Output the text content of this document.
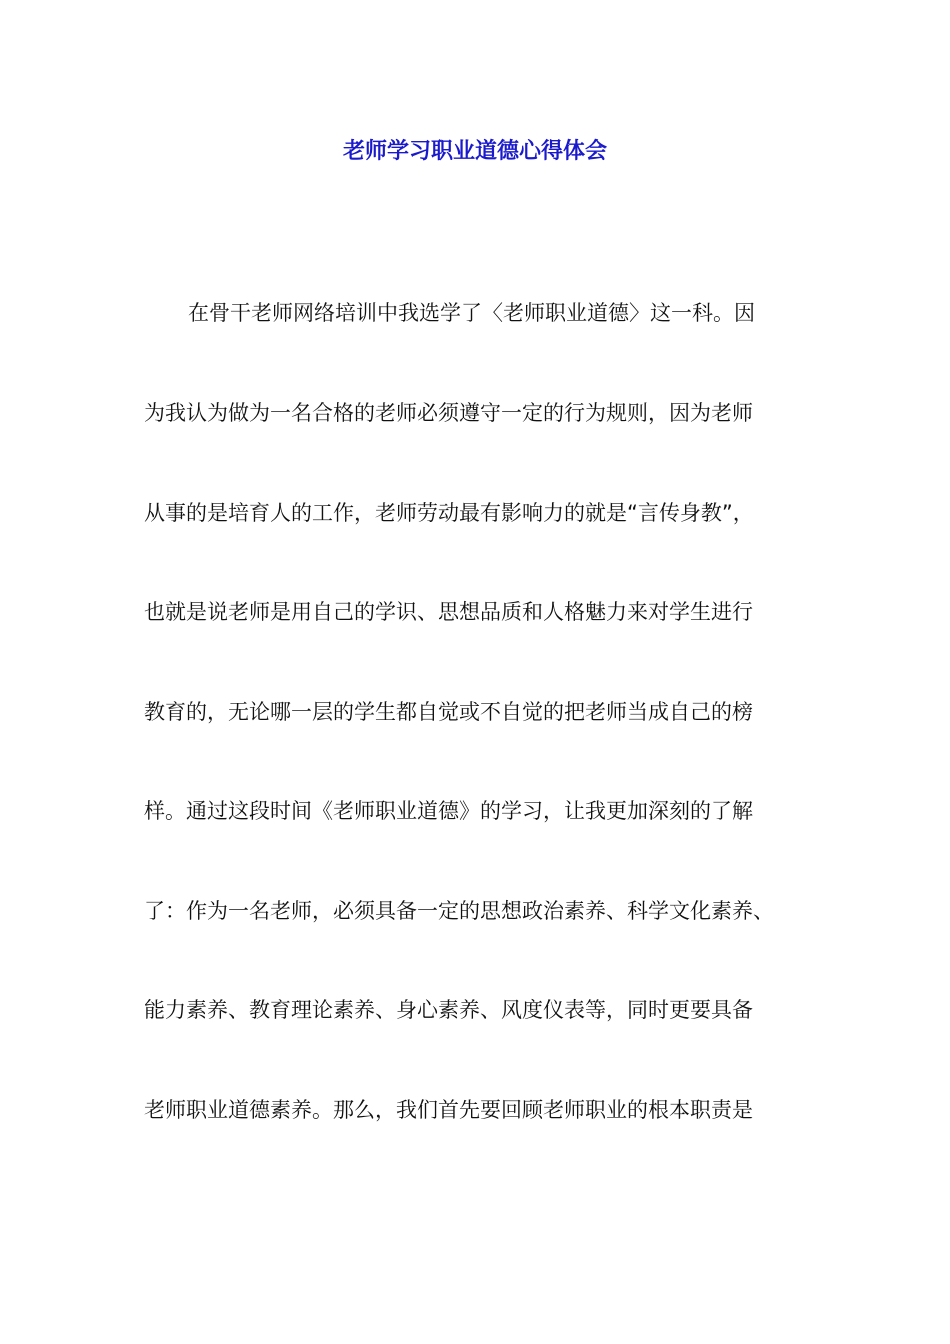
老师学习职业道德心得体会
在骨干老师网络培训中我选学了〈老师职业道德〉这一科。因
为我认为做为一名合格的老师必须遵守一定的行为规则，因为老师
从事的是培育人的工作，老师劳动最有影响力的就是“言传身教”，
也就是说老师是用自己的学识、思想品质和人格魅力来对学生进行
教育的，无论哪一层的学生都自觉或不自觉的把老师当成自己的榜
样。通过这段时间《老师职业道德》的学习，让我更加深刻的了解
了：作为一名老师，必须具备一定的思想政治素养、科学文化素养、
能力素养、教育理论素养、身心素养、风度仪表等，同时更要具备
老师职业道德素养。那么，我们首先要回顾老师职业的根本职责是
